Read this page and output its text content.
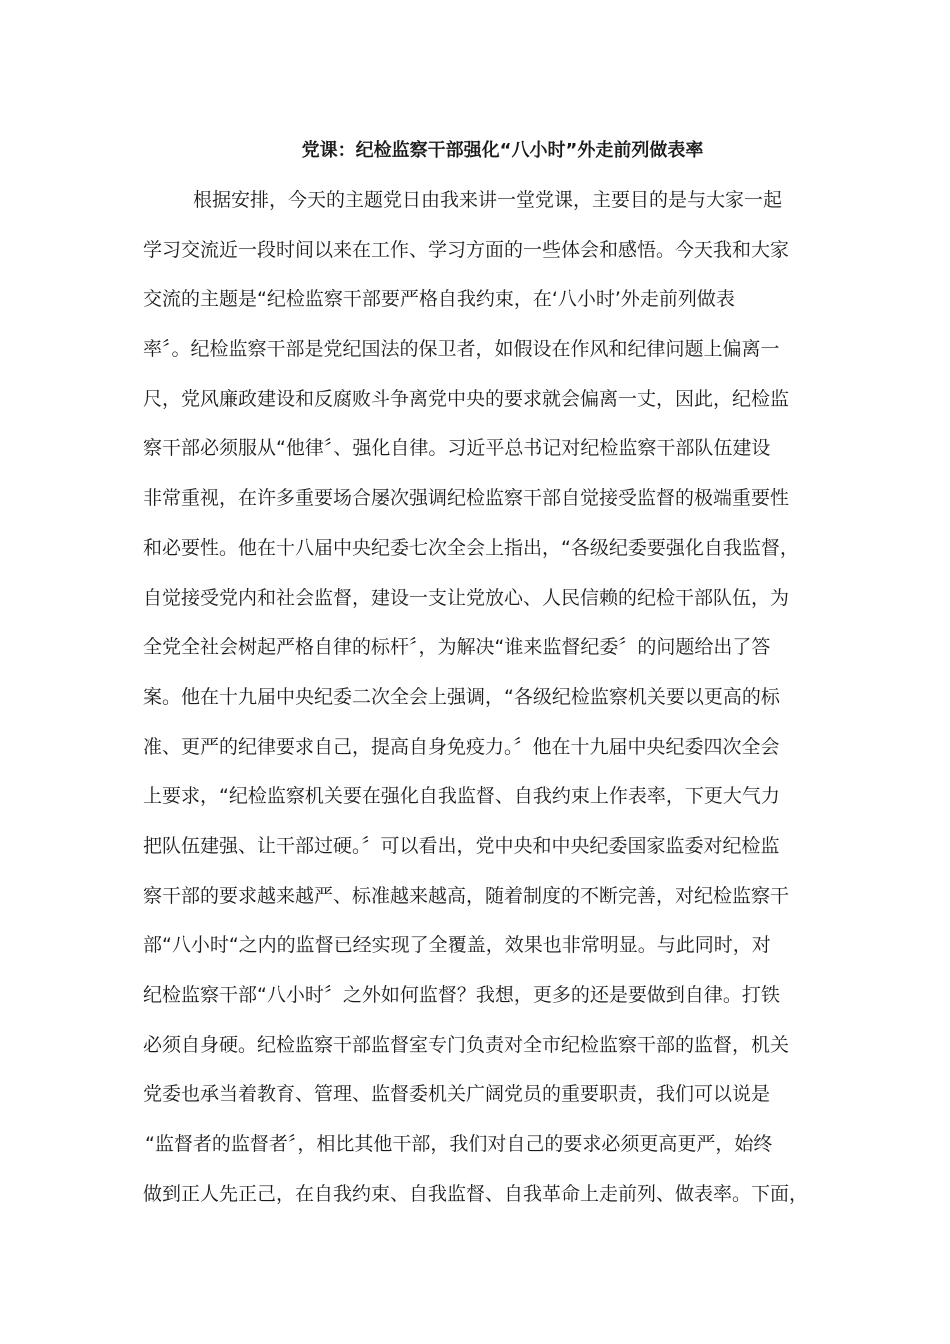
党课：纪检监察干部强化“八小时”外走前列做表率
根据安排，今天的主题党日由我来讲一堂党课，主要目的是与大家一起
学习交流近一段时间以来在工作、学习方面的一些体会和感悟。今天我和大家
交流的主题是“纪检监察干部要严格自我约束，在‘八小时’外走前列做表
率〞。纪检监察干部是党纪国法的保卫者，如假设在作风和纪律问题上偏离一
尺，党风廉政建设和反腐败斗争离党中央的要求就会偏离一丈，因此，纪检监
察干部必须服从“他律〞、强化自律。习近平总书记对纪检监察干部队伍建设
非常重视，在许多重要场合屡次强调纪检监察干部自觉接受监督的极端重要性
和必要性。他在十八届中央纪委七次全会上指出，“各级纪委要强化自我监督，
自觉接受党内和社会监督，建设一支让党放心、人民信赖的纪检干部队伍，为
全党全社会树起严格自律的标杆〞，为解决“谁来监督纪委〞的问题给出了答
案。他在十九届中央纪委二次全会上强调，“各级纪检监察机关要以更高的标
准、更严的纪律要求自己，提高自身免疫力。〞他在十九届中央纪委四次全会
上要求，“纪检监察机关要在强化自我监督、自我约束上作表率，下更大气力
把队伍建强、让干部过硬。〞可以看出，党中央和中央纪委国家监委对纪检监
察干部的要求越来越严、标准越来越高，随着制度的不断完善，对纪检监察干
部“八小时“之内的监督已经实现了全覆盖，效果也非常明显。与此同时，对
纪检监察干部“八小时〞之外如何监督？我想，更多的还是要做到自律。打铁
必须自身硬。纪检监察干部监督室专门负责对全市纪检监察干部的监督，机关
党委也承当着教育、管理、监督委机关广阔党员的重要职责，我们可以说是
“监督者的监督者〞，相比其他干部，我们对自己的要求必须更高更严，始终
做到正人先正己，在自我约束、自我监督、自我革命上走前列、做表率。下面，
